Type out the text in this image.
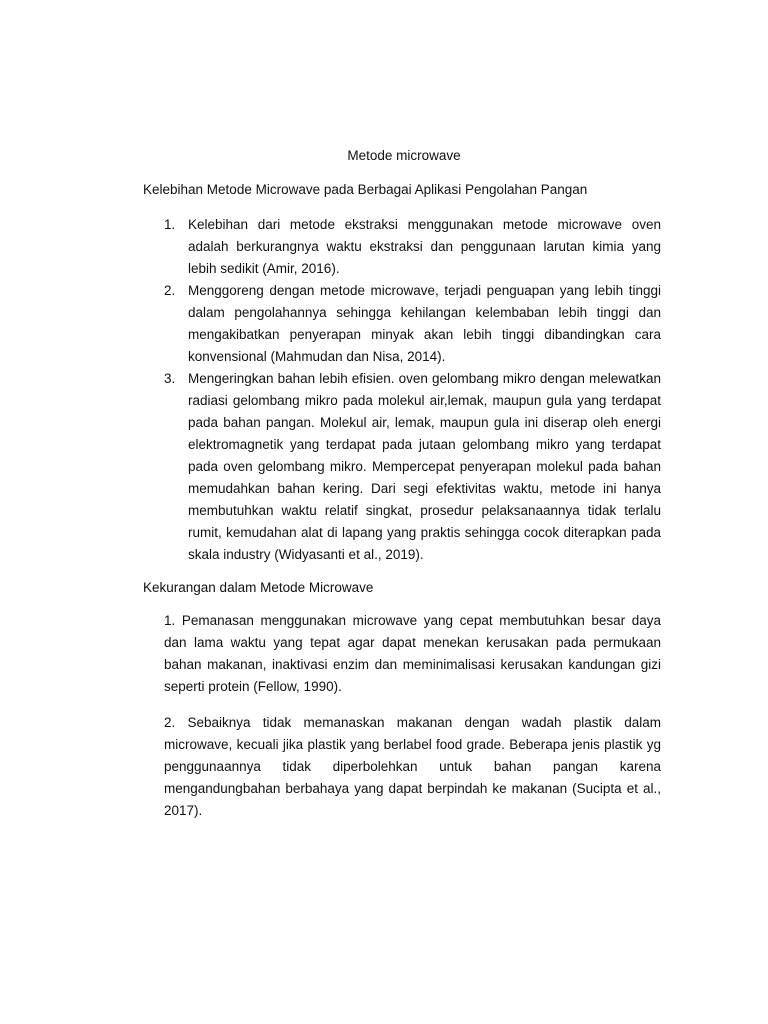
Metode microwave
Kelebihan Metode Microwave pada Berbagai Aplikasi Pengolahan Pangan
1. Kelebihan dari metode ekstraksi menggunakan metode microwave oven adalah berkurangnya waktu ekstraksi dan penggunaan larutan kimia yang lebih sedikit (Amir, 2016).
2. Menggoreng dengan metode microwave, terjadi penguapan yang lebih tinggi dalam pengolahannya sehingga kehilangan kelembaban lebih tinggi dan mengakibatkan penyerapan minyak akan lebih tinggi dibandingkan cara konvensional (Mahmudan dan Nisa, 2014).
3. Mengeringkan bahan lebih efisien. oven gelombang mikro dengan melewatkan radiasi gelombang mikro pada molekul air,lemak, maupun gula yang terdapat pada bahan pangan. Molekul air, lemak, maupun gula ini diserap oleh energi elektromagnetik yang terdapat pada jutaan gelombang mikro yang terdapat pada oven gelombang mikro. Mempercepat penyerapan molekul pada bahan memudahkan bahan kering. Dari segi efektivitas waktu, metode ini hanya membutuhkan waktu relatif singkat, prosedur pelaksanaannya tidak terlalu rumit, kemudahan alat di lapang yang praktis sehingga cocok diterapkan pada skala industry (Widyasanti et al., 2019).
Kekurangan dalam Metode Microwave

1. Pemanasan menggunakan microwave yang cepat membutuhkan besar daya dan lama waktu yang tepat agar dapat menekan kerusakan pada permukaan bahan makanan, inaktivasi enzim dan meminimalisasi kerusakan kandungan gizi seperti protein (Fellow, 1990).

2. Sebaiknya tidak memanaskan makanan dengan wadah plastik dalam microwave, kecuali jika plastik yang berlabel food grade. Beberapa jenis plastik yg penggunaannya tidak diperbolehkan untuk bahan pangan karena mengandungbahan berbahaya yang dapat berpindah ke makanan (Sucipta et al., 2017).
